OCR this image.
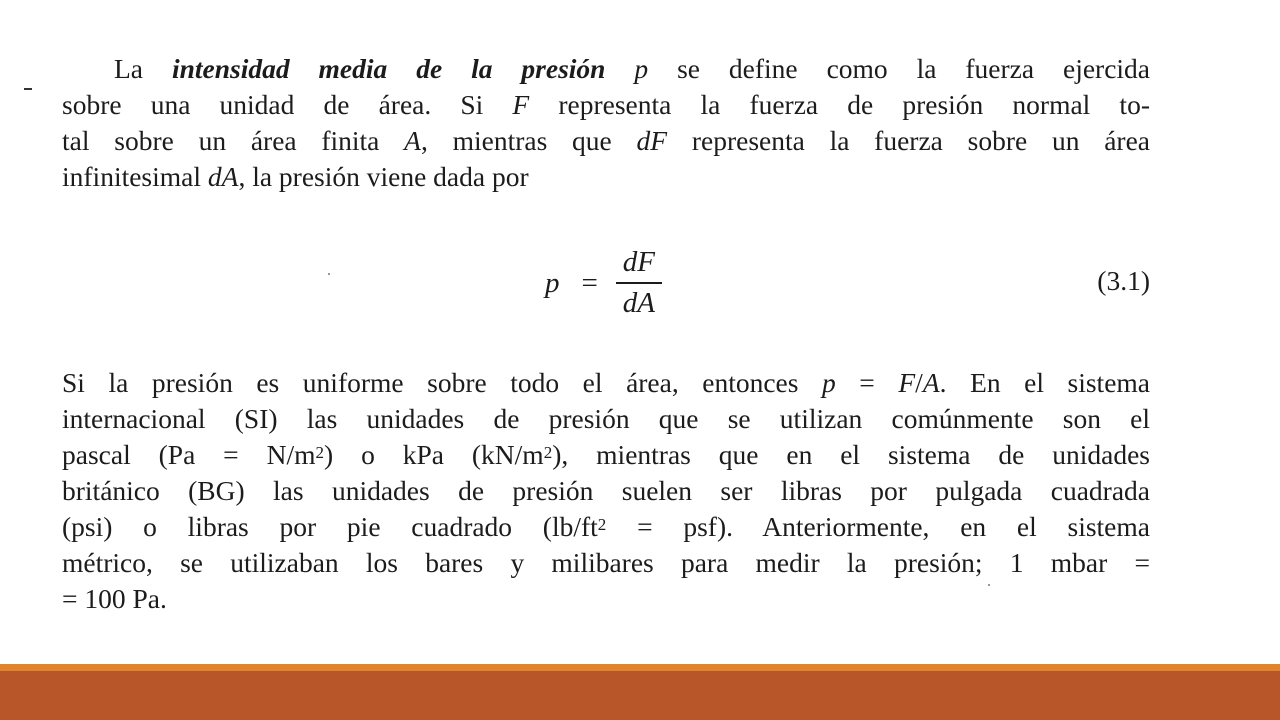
La intensidad media de la presión p se define como la fuerza ejercida
sobre una unidad de área. Si F representa la fuerza de presión normal to-
tal sobre un área finita A, mientras que dF representa la fuerza sobre un área
infinitesimal dA, la presión viene dada por
$p = \frac{dF}{dA}$	(3.1)
Si la presión es uniforme sobre todo el área, entonces p = F/A. En el sistema
internacional (SI) las unidades de presión que se utilizan comúnmente son el
pascal $(Pa = N/m^2)$ o kPa $(kN/m^2)$, mientras que en el sistema de unidades
británico (BG) las unidades de presión suelen ser libras por pulgada cuadrada
(psi) o libras por pie cuadrado $(lb/ft^2 = psf)$. Anteriormente, en el sistema
métrico, se utilizaban los bares y milibares para medir la presión; 1 mbar =
= 100 Pa.
